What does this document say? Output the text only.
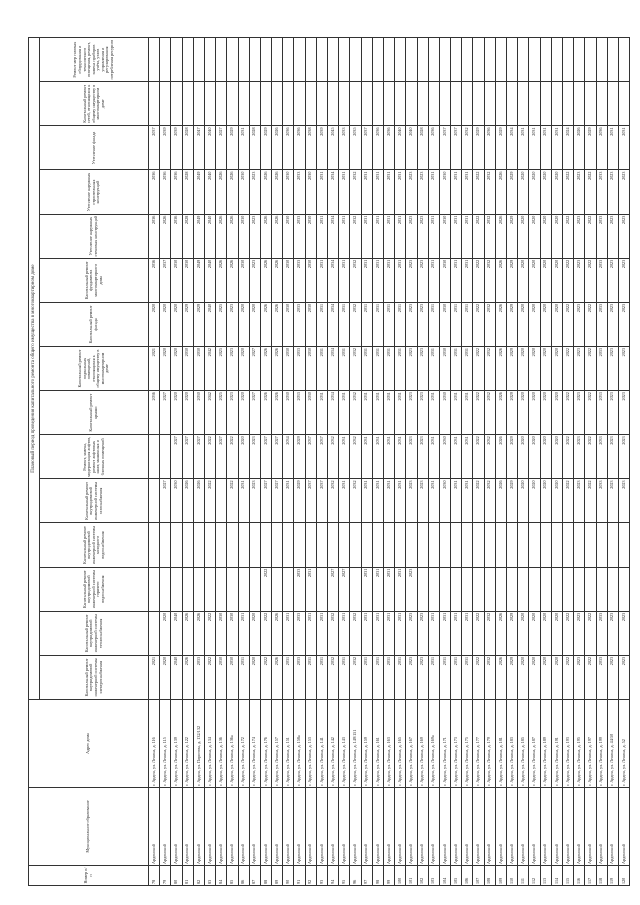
Номер п/п	Муниципальное образование	Адрес дома	Плановый период проведения капитального ремонта общего имущества в многоквартирном доме														
			Капитальный ремонт внутридомовой инженерной системы электроснабжения	Капитальный ремонт внутридомовой инженерной системы теплоснабжения	Капитальный ремонт внутридомовой инженерной системы горячего водоснабжения	Капитальный ремонт внутридомовой инженерной системы холодного водоснабжения	Капитальный ремонт внутридомовой инженерной системы газоснабжения	Ремонт, замена, модернизация лифтов, ремонт лифтовых шахт, машинных и блочных помещений	Капитальный ремонт крыши	Капитальный ремонт подвальных помещений, относящихся к общему имуществу в многоквартирном доме	Капитальный ремонт фасада	Капитальный ремонт фундамента многоквартирного дома	Утепление наружных стеновых конструкций	Утепление наружных строительных конструкций	Утепление фасада	Капитальный ремонт сетей, относящихся к общему имуществу в многоквартирном доме	Ремонт мер газовых оборудования и технического освещения, ремонт, замена приборов учёта, узлов управления и регулирования потребления ресурсов
78	Ардонский	г. Ардон, ул. Ленина, д. 116	2021						2036	2021	2020	2036	2036	2036	2037		
79	Ардонский	г. Ардон, ул. Ленина, д. 115	2020	2020			2027		2027	2020	2020	2037	2026	2036	2039		
80	Ардонский	г. Ардон, ул. Ленина, д. 139	2040	2040			2030	2027	2020	2020	2020	2030	2036	2036	2039		
81	Ардонский	г. Ардон, ул. Ленина, д. 122	2026	2026			2026	2027	2020	2030	2029	2030	2028	2028	2028		
82	Ардонский	г. Ардон, ул. Пирогова, д. 132/132	2033	2026			2026	2027	2030	2030	2029	2049	2049	2049	2047		
83	Ардонский	г. Ардон, ул. Ленина, д. 134	2022	2022			2022	2022	2042	2042	2040	2040	2040	2040	2040		
84	Ардонский	г. Ардон, ул. Ленина, д. 136	2030	2030				2027	2025	2025	2025	2026	2026	2026	2027		
85	Ардонский	г. Ардон, ул. Ленина, д. 136а	2030	2030			2022	2022	2023	2023	2023	2026	2026	2026	2029		
86	Ардонский	г. Ардон, ул. Ленина, д. 172	2031	2031			2031	2020	2020	2020	2020	2030	2030	2030	2031		
87	Ардонский	г. Ардон, ул. Ленина, д. 174	2020	2020			2023	2023	2027	2027	2020	2023	2023	2023	2028		
88	Ардонский	г. Ардон, ул. Ленина, д. 176	2022	2022	2022		2027	2027	2026	2026	2026	2026	2026	2026	2029		
89	Ардонский	г. Ардон, ул. Ленина, д. 157	2026	2026			2027	2027	2026	2026	2026	2026	2026	2026	2026		
90	Ардонский	г. Ардон, ул. Ленина, д. 151	2031	2031			2031	2034	2030	2030	2030	2030	2030	2030	2036		
91	Ардонский	г. Ардон, ул. Ленина, д. 158а	2033	2033	2033		2029	2029	2033	2033	2033	2033	2033	2033	2036		
92	Ардонский	г. Ардон, ул. Ленина, д. 153	2031	2031	2031		2037	2037	2030	2030	2030	2030	2030	2030	2038		
93	Ардонский	г. Ардон, ул. Ленина, д. 141	2031	2031			2037	2037	2031	2031	2031	2031	2031	2031	2039		
94	Ардонский	г. Ардон, ул. Ленина, д. 142	2032	2032	2027		2032	2032	2034	2034	2034	2034	2034	2034	2045		
95	Ардонский	г. Ардон, ул. Ленина, д. 143	2031	2031	2027		2031	2031	2031	2031	2031	2031	2031	2031	2033		
96	Ардонский	г. Ардон, ул. Ленина, д. 149/151	2032	2032			2032	2032	2032	2032	2032	2032	2032	2032	2035		
97	Ардонский	г. Ардон, ул. Ленина, д. 159	2031	2031	2031		2031	2031	2031	2031	2031	2031	2031	2031	2037		
98	Ардонский	г. Ардон, ул. Ленина, д. 161	2031	2031	2031		2031	2031	2031	2031	2031	2031	2031	2031	2036		
99	Ардонский	г. Ардон, ул. Ленина, д. 163	2031	2031	2031		2031	2031	2031	2031	2031	2031	2031	2031	2036		
100	Ардонский	г. Ардон, ул. Ленина, д. 165	2031	2031	2031		2031	2031	2031	2031	2031	2031	2031	2031	2040		
101	Ардонский	г. Ардон, ул. Ленина, д. 167	2023	2023	2023		2023	2023	2023	2023	2023	2023	2023	2023	2040		
102	Ардонский	г. Ардон, ул. Ленина, д. 169	2023	2023			2023	2023	2023	2023	2023	2023	2023	2023	2028		
103	Ардонский	г. Ардон, ул. Ленина, д. 169а	2031	2031			2031	2031	2031	2031	2031	2031	2031	2031	2036		
104	Ардонский	г. Ардон, ул. Ленина, д. 171	2031	2031			2030	2030	2030	2030	2030	2030	2030	2030	2037		
105	Ардонский	г. Ардон, ул. Ленина, д. 173	2031	2031			2031	2031	2031	2031	2031	2031	2031	2031	2037		
106	Ардонский	г. Ардон, ул. Ленина, д. 175	2031	2031			2031	2031	2031	2031	2031	2031	2031	2031	2032		
107	Ардонский	г. Ардон, ул. Ленина, д. 177	2022	2022			2022	2022	2022	2022	2022	2022	2022	2022	2029		
108	Ардонский	г. Ардон, ул. Ленина, д. 179	2032	2032			2032	2032	2032	2032	2032	2032	2032	2032	2036		
109	Ардонский	г. Ардон, ул. Ленина, д. 181	2026	2026			2026	2026	2026	2026	2026	2026	2026	2026	2029		
110	Ардонский	г. Ардон, ул. Ленина, д. 183	2029	2029			2029	2029	2029	2029	2029	2029	2029	2029	2034		
111	Ардонский	г. Ардон, ул. Ленина, д. 185	2020	2020			2020	2020	2020	2020	2020	2020	2020	2020	2031		
112	Ардонский	г. Ардон, ул. Ленина, д. 187	2020	2020			2020	2020	2020	2020	2020	2020	2020	2020	2031		
113	Ардонский	г. Ардон, ул. Ленина, д. 189	2020	2020			2020	2020	2020	2020	2020	2020	2020	2020	2031		
114	Ардонский	г. Ардон, ул. Ленина, д. 191	2020	2020			2020	2020	2020	2020	2020	2020	2020	2020	2031		
115	Ардонский	г. Ардон, ул. Ленина, д. 193	2022	2022			2022	2022	2022	2022	2022	2022	2022	2022	2024		
116	Ардонский	г. Ардон, ул. Ленина, д. 195	2023	2023			2023	2023	2023	2023	2023	2023	2023	2023	2026		
117	Ардонский	г. Ардон, ул. Ленина, д. 197	2022	2022			2022	2022	2022	2022	2022	2022	2022	2022	2029		
118	Ардонский	г. Ардон, ул. Ленина, д. 199	2033	2033			2033	2033	2033	2033	2033	2033	2033	2033	2036		
119	Ардонский	г. Ардон, ул. Ленина, д. 44/50	2023	2023			2023	2023	2023	2023	2023	2023	2023	2023	2031		
120	Ардонский	г. Ардон, ул. Ленина, д. 52	2023	2023			2023	2023	2023	2023	2023	2023	2023	2023	2031		
